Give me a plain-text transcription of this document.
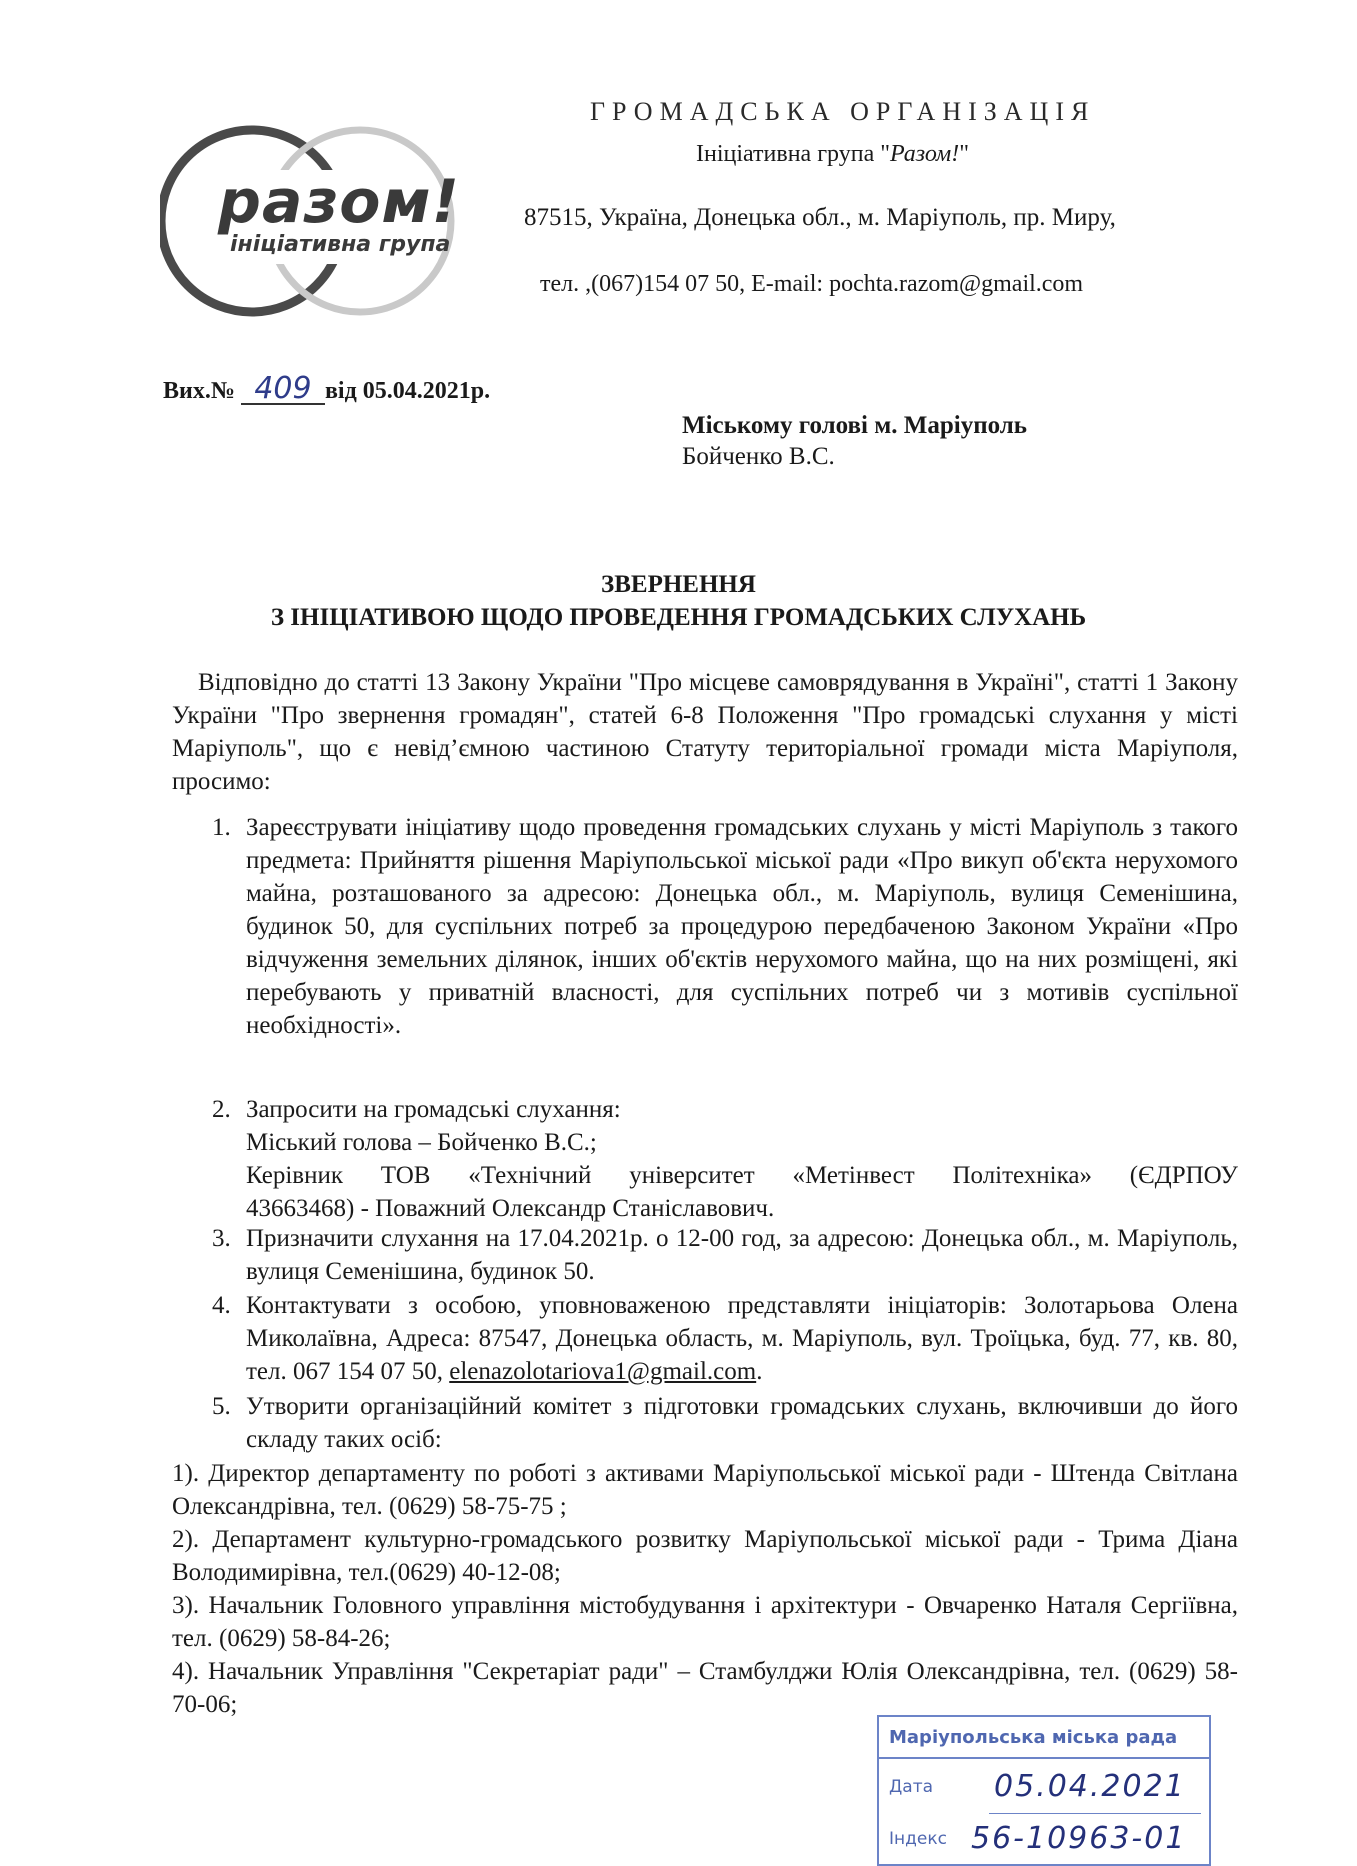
разом!
ініціативна група
ГРОМАДСЬКА ОРГАНІЗАЦІЯ
Ініціативна група "Разом!"
87515, Україна, Донецька обл., м. Маріуполь, пр. Миру,
тел. ,(067)154 07 50, E-mail: pochta.razom@gmail.com
Вих.№ 409 від 05.04.2021р.
Міському голові м. Маріуполь
Бойченко В.С.
ЗВЕРНЕННЯ
З ІНІЦІАТИВОЮ ЩОДО ПРОВЕДЕННЯ ГРОМАДСЬКИХ СЛУХАНЬ
Відповідно до статті 13 Закону України "Про місцеве самоврядування в Україні", статті 1 Закону України "Про звернення громадян", статей 6-8 Положення "Про громадські слухання у місті Маріуполь", що є невід’ємною частиною Статуту територіальної громади міста Маріуполя, просимо:
1. Зареєструвати ініціативу щодо проведення громадських слухань у місті Маріуполь з такого предмета: Прийняття рішення Маріупольської міської ради «Про викуп об'єкта нерухомого майна, розташованого за адресою: Донецька обл., м. Маріуполь, вулиця Семенішина, будинок 50, для суспільних потреб за процедурою передбаченою Законом України «Про відчуження земельних ділянок, інших об'єктів нерухомого майна, що на них розміщені, які перебувають у приватній власності, для суспільних потреб чи з мотивів суспільної необхідності».
2. Запросити на громадські слухання:
Міський голова – Бойченко В.С.;
Керівник ТОВ «Технічний університет «Метінвест Політехніка» (ЄДРПОУ
43663468) - Поважний Олександр Станіславович.
3. Призначити слухання на 17.04.2021р. о 12-00 год, за адресою: Донецька обл., м. Маріуполь, вулиця Семенішина, будинок 50.
4. Контактувати з особою, уповноваженою представляти ініціаторів: Золотарьова Олена Миколаївна, Адреса: 87547, Донецька область, м. Маріуполь, вул. Троїцька, буд. 77, кв. 80, тел. 067 154 07 50, elenazolotariova1@gmail.com.
5. Утворити організаційний комітет з підготовки громадських слухань, включивши до його складу таких осіб:

1). Директор департаменту по роботі з активами Маріупольської міської ради - Штенда Світлана Олександрівна, тел. (0629) 58-75-75 ;

2). Департамент культурно-громадського розвитку Маріупольської міської ради - Трима Діана Володимирівна, тел.(0629) 40-12-08;

3). Начальник Головного управління містобудування і архітектури - Овчаренко Наталя Сергіївна, тел. (0629) 58-84-26;

4). Начальник Управління "Секретаріат ради" – Стамбулджи Юлія Олександрівна, тел. (0629) 58-70-06;

Маріупольська міська рада
Дата 05.04.2021
Індекс 56-10963-01
